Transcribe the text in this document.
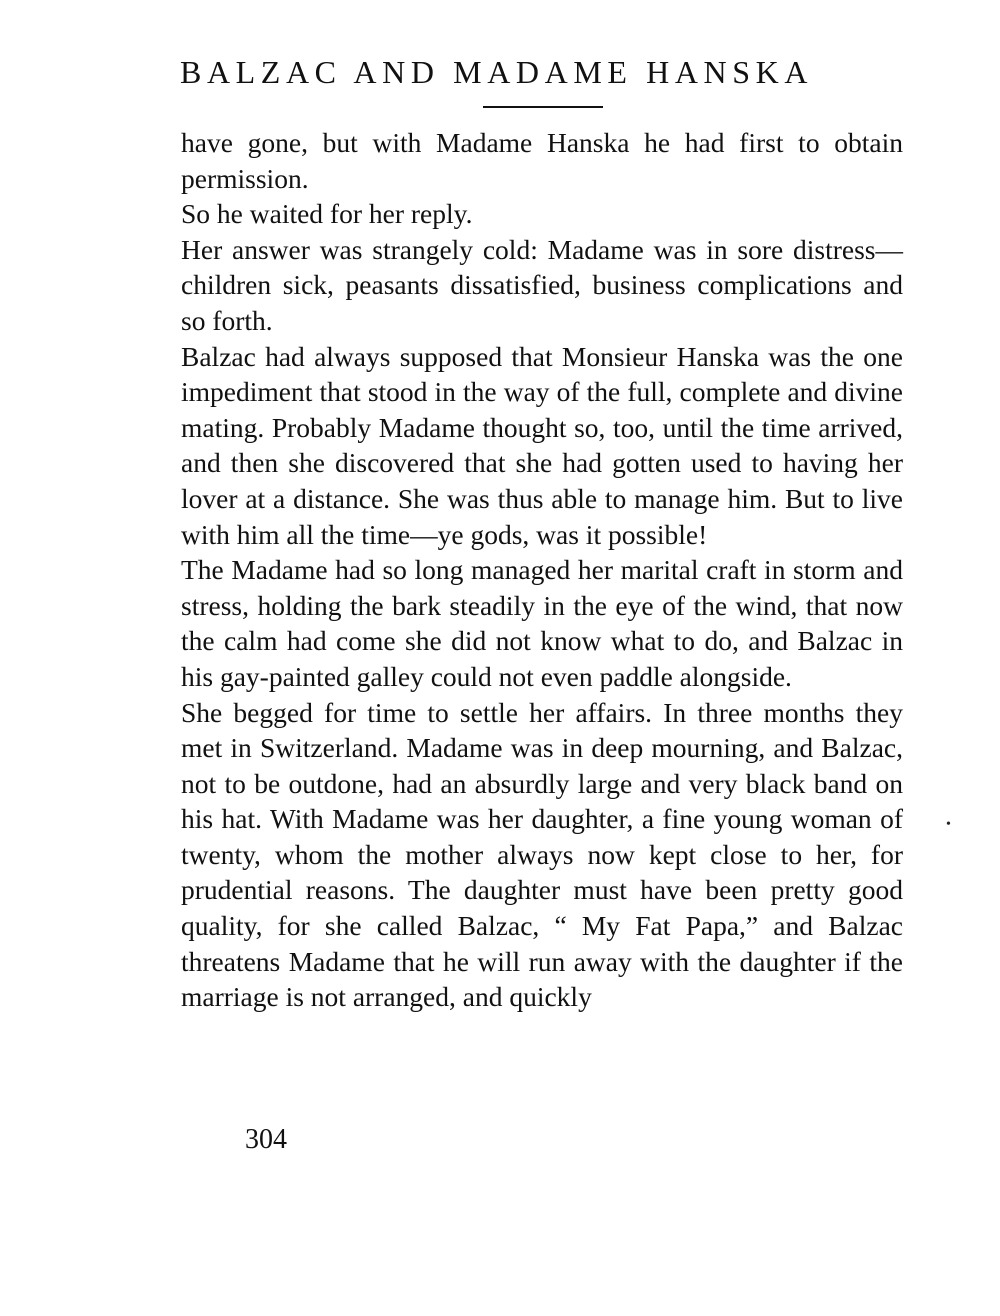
BALZAC AND MADAME HANSKA

have gone, but with Madame Hanska he had first to obtain permission.

So he waited for her reply.

Her answer was strangely cold: Madame was in sore distress—children sick, peasants dissatisfied, business complications and so forth.

Balzac had always supposed that Monsieur Hanska was the one impediment that stood in the way of the full, complete and divine mating. Probably Madame thought so, too, until the time arrived, and then she discovered that she had gotten used to having her lover at a distance. She was thus able to manage him. But to live with him all the time—ye gods, was it possible!

The Madame had so long managed her marital craft in storm and stress, holding the bark steadily in the eye of the wind, that now the calm had come she did not know what to do, and Balzac in his gay-painted galley could not even paddle alongside.

She begged for time to settle her affairs. In three months they met in Switzerland. Madame was in deep mourning, and Balzac, not to be outdone, had an absurdly large and very black band on his hat. With Madame was her daughter, a fine young woman of twenty, whom the mother always now kept close to her, for prudential reasons. The daughter must have been pretty good quality, for she called Balzac, “ My Fat Papa,” and Balzac threatens Madame that he will run away with the daughter if the marriage is not arranged, and quickly

•

304
